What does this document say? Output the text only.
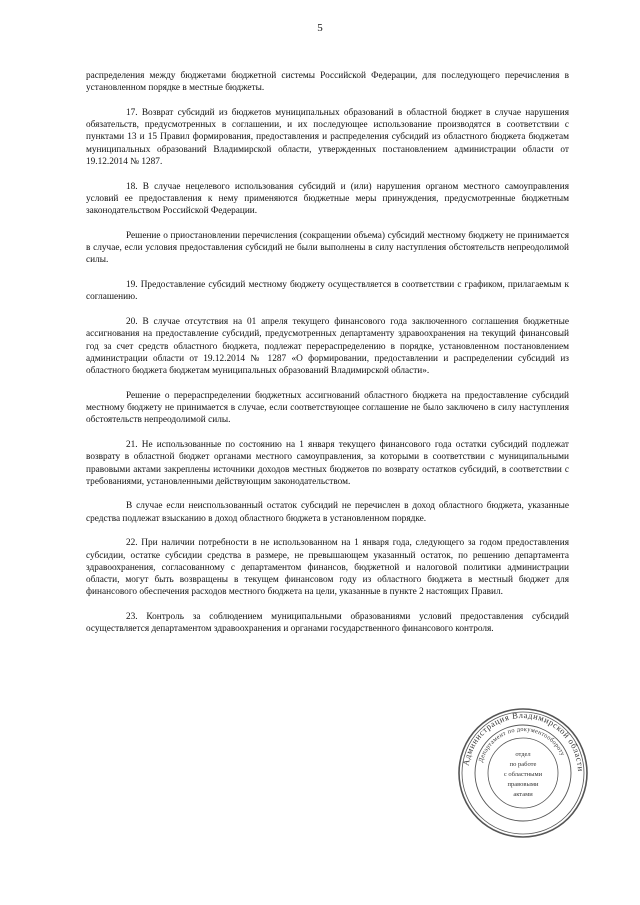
5

распределения между бюджетами бюджетной системы Российской Федерации, для последующего перечисления в установленном порядке в местные бюджеты.

17. Возврат субсидий из бюджетов муниципальных образований в областной бюджет в случае нарушения обязательств, предусмотренных в соглашении, и их последующее использование производятся в соответствии с пунктами 13 и 15 Правил формирования, предоставления и распределения субсидий из областного бюджета бюджетам муниципальных образований Владимирской области, утвержденных постановлением администрации области от 19.12.2014 № 1287.

18. В случае нецелевого использования субсидий и (или) нарушения органом местного самоуправления условий ее предоставления к нему применяются бюджетные меры принуждения, предусмотренные бюджетным законодательством Российской Федерации.

Решение о приостановлении перечисления (сокращении объема) субсидий местному бюджету не принимается в случае, если условия предоставления субсидий не были выполнены в силу наступления обстоятельств непреодолимой силы.

19. Предоставление субсидий местному бюджету осуществляется в соответствии с графиком, прилагаемым к соглашению.

20. В случае отсутствия на 01 апреля текущего финансового года заключенного соглашения бюджетные ассигнования на предоставление субсидий, предусмотренных департаменту здравоохранения на текущий финансовый год за счет средств областного бюджета, подлежат перераспределению в порядке, установленном постановлением администрации области от 19.12.2014 № 1287 «О формировании, предоставлении и распределении субсидий из областного бюджета бюджетам муниципальных образований Владимирской области».

Решение о перераспределении бюджетных ассигнований областного бюджета на предоставление субсидий местному бюджету не принимается в случае, если соответствующее соглашение не было заключено в силу наступления обстоятельств непреодолимой силы.

21. Не использованные по состоянию на 1 января текущего финансового года остатки субсидий подлежат возврату в областной бюджет органами местного самоуправления, за которыми в соответствии с муниципальными правовыми актами закреплены источники доходов местных бюджетов по возврату остатков субсидий, в соответствии с требованиями, установленными действующим законодательством.

В случае если неиспользованный остаток субсидий не перечислен в доход областного бюджета, указанные средства подлежат взысканию в доход областного бюджета в установленном порядке.

22. При наличии потребности в не использованном на 1 января года, следующего за годом предоставления субсидии, остатке субсидии средства в размере, не превышающем указанный остаток, по решению департамента здравоохранения, согласованному с департаментом финансов, бюджетной и налоговой политики администрации области, могут быть возвращены в текущем финансовом году из областного бюджета в местный бюджет для финансового обеспечения расходов местного бюджета на цели, указанные в пункте 2 настоящих Правил.

23. Контроль за соблюдением муниципальными образованиями условий предоставления субсидий осуществляется департаментом здравоохранения и органами государственного финансового контроля.

Администрация Владимирской области
Департамент по документообороту
отдел
по работе
с областными
правовыми
актами
